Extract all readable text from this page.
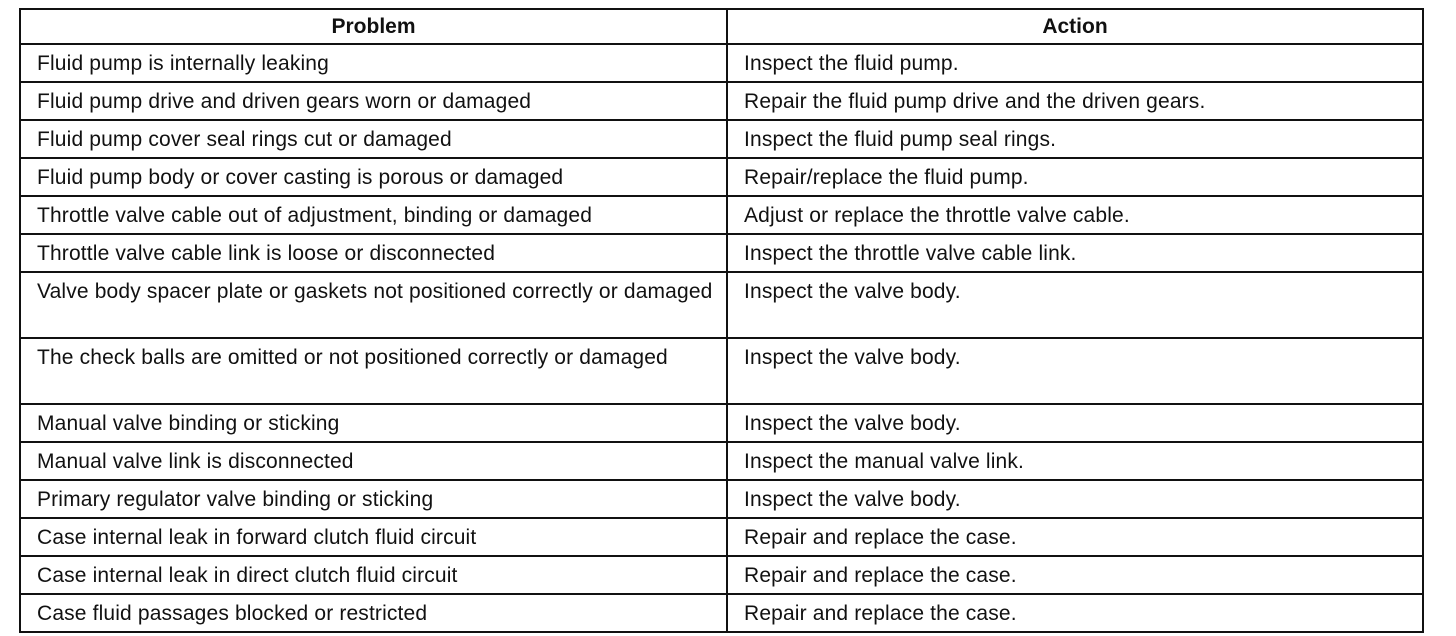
Problem	Action
Fluid pump is internally leaking	Inspect the fluid pump.
Fluid pump drive and driven gears worn or damaged	Repair the fluid pump drive and the driven gears.
Fluid pump cover seal rings cut or damaged	Inspect the fluid pump seal rings.
Fluid pump body or cover casting is porous or damaged	Repair/replace the fluid pump.
Throttle valve cable out of adjustment, binding or damaged	Adjust or replace the throttle valve cable.
Throttle valve cable link is loose or disconnected	Inspect the throttle valve cable link.
Valve body spacer plate or gaskets not positioned correctly or damaged	Inspect the valve body.
The check balls are omitted or not positioned correctly or damaged	Inspect the valve body.
Manual valve binding or sticking	Inspect the valve body.
Manual valve link is disconnected	Inspect the manual valve link.
Primary regulator valve binding or sticking	Inspect the valve body.
Case internal leak in forward clutch fluid circuit	Repair and replace the case.
Case internal leak in direct clutch fluid circuit	Repair and replace the case.
Case fluid passages blocked or restricted	Repair and replace the case.
